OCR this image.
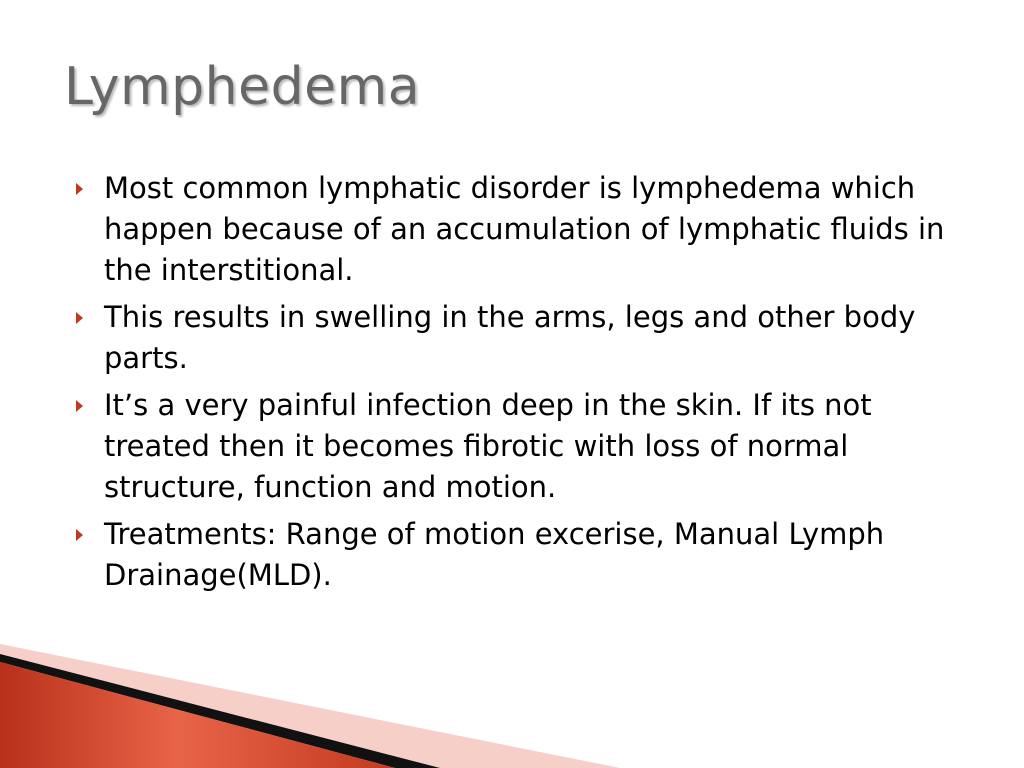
Lymphedema
Most common lymphatic disorder is lymphedema which happen because of an accumulation of lymphatic fluids in the interstitional.
This results in swelling in the arms, legs and other body parts.
It’s a very painful infection deep in the skin. If its not treated then it becomes fibrotic with loss of normal structure, function and motion.
Treatments: Range of motion excerise, Manual Lymph Drainage(MLD).
